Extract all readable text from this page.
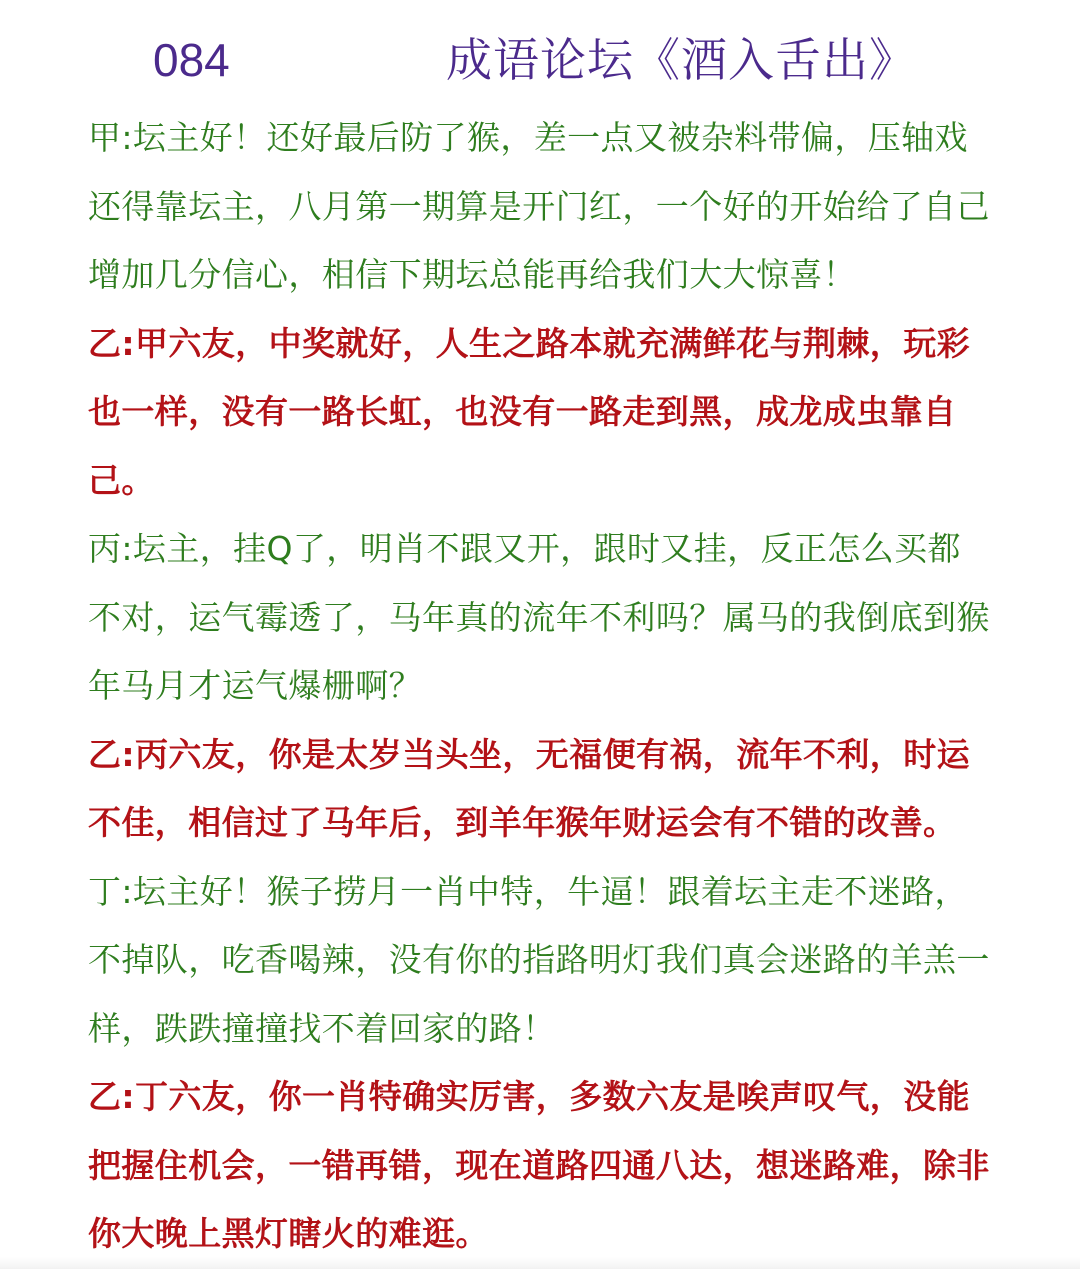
084	成语论坛《酒入舌出》

甲:坛主好！还好最后防了猴，差一点又被杂料带偏，压轴戏还得靠坛主，八月第一期算是开门红，一个好的开始给了自己增加几分信心，相信下期坛总能再给我们大大惊喜！

乙:甲六友，中奖就好，人生之路本就充满鲜花与荆棘，玩彩也一样，没有一路长虹，也没有一路走到黑，成龙成虫靠自己。

丙:坛主，挂Q了，明肖不跟又开，跟时又挂，反正怎么买都不对，运气霉透了，马年真的流年不利吗？属马的我倒底到猴年马月才运气爆栅啊？

乙:丙六友，你是太岁当头坐，无福便有祸，流年不利，时运不佳，相信过了马年后，到羊年猴年财运会有不错的改善。

丁:坛主好！猴子捞月一肖中特，牛逼！跟着坛主走不迷路，不掉队，吃香喝辣，没有你的指路明灯我们真会迷路的羊羔一样，跌跌撞撞找不着回家的路！

乙:丁六友，你一肖特确实厉害，多数六友是唉声叹气，没能把握住机会，一错再错，现在道路四通八达，想迷路难，除非你大晚上黑灯瞎火的难逛。
